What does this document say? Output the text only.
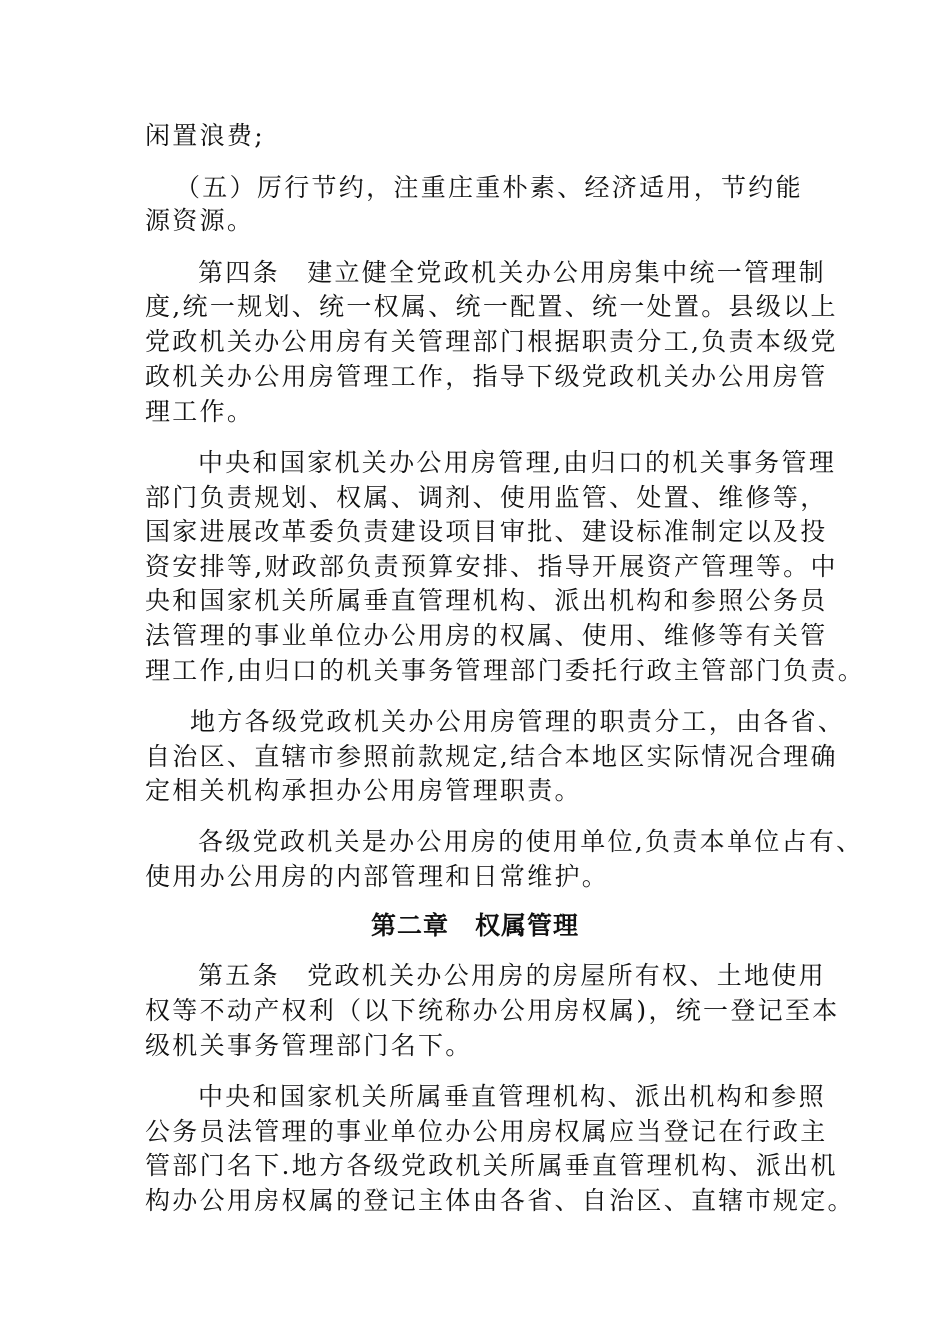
闲置浪费;
（五）厉行节约，注重庄重朴素、经济适用，节约能
源资源。
第四条　建立健全党政机关办公用房集中统一管理制
度,统一规划、统一权属、统一配置、统一处置。县级以上
党政机关办公用房有关管理部门根据职责分工,负责本级党
政机关办公用房管理工作，指导下级党政机关办公用房管
理工作。
中央和国家机关办公用房管理,由归口的机关事务管理
部门负责规划、权属、调剂、使用监管、处置、维修等，
国家进展改革委负责建设项目审批、建设标准制定以及投
资安排等,财政部负责预算安排、指导开展资产管理等。中
央和国家机关所属垂直管理机构、派出机构和参照公务员
法管理的事业单位办公用房的权属、使用、维修等有关管
理工作,由归口的机关事务管理部门委托行政主管部门负责。
地方各级党政机关办公用房管理的职责分工，由各省、
自治区、直辖市参照前款规定,结合本地区实际情况合理确
定相关机构承担办公用房管理职责。
各级党政机关是办公用房的使用单位,负责本单位占有、
使用办公用房的内部管理和日常维护。
第二章　权属管理
第五条　党政机关办公用房的房屋所有权、土地使用
权等不动产权利（以下统称办公用房权属)，统一登记至本
级机关事务管理部门名下。
中央和国家机关所属垂直管理机构、派出机构和参照
公务员法管理的事业单位办公用房权属应当登记在行政主
管部门名下.地方各级党政机关所属垂直管理机构、派出机
构办公用房权属的登记主体由各省、自治区、直辖市规定。
